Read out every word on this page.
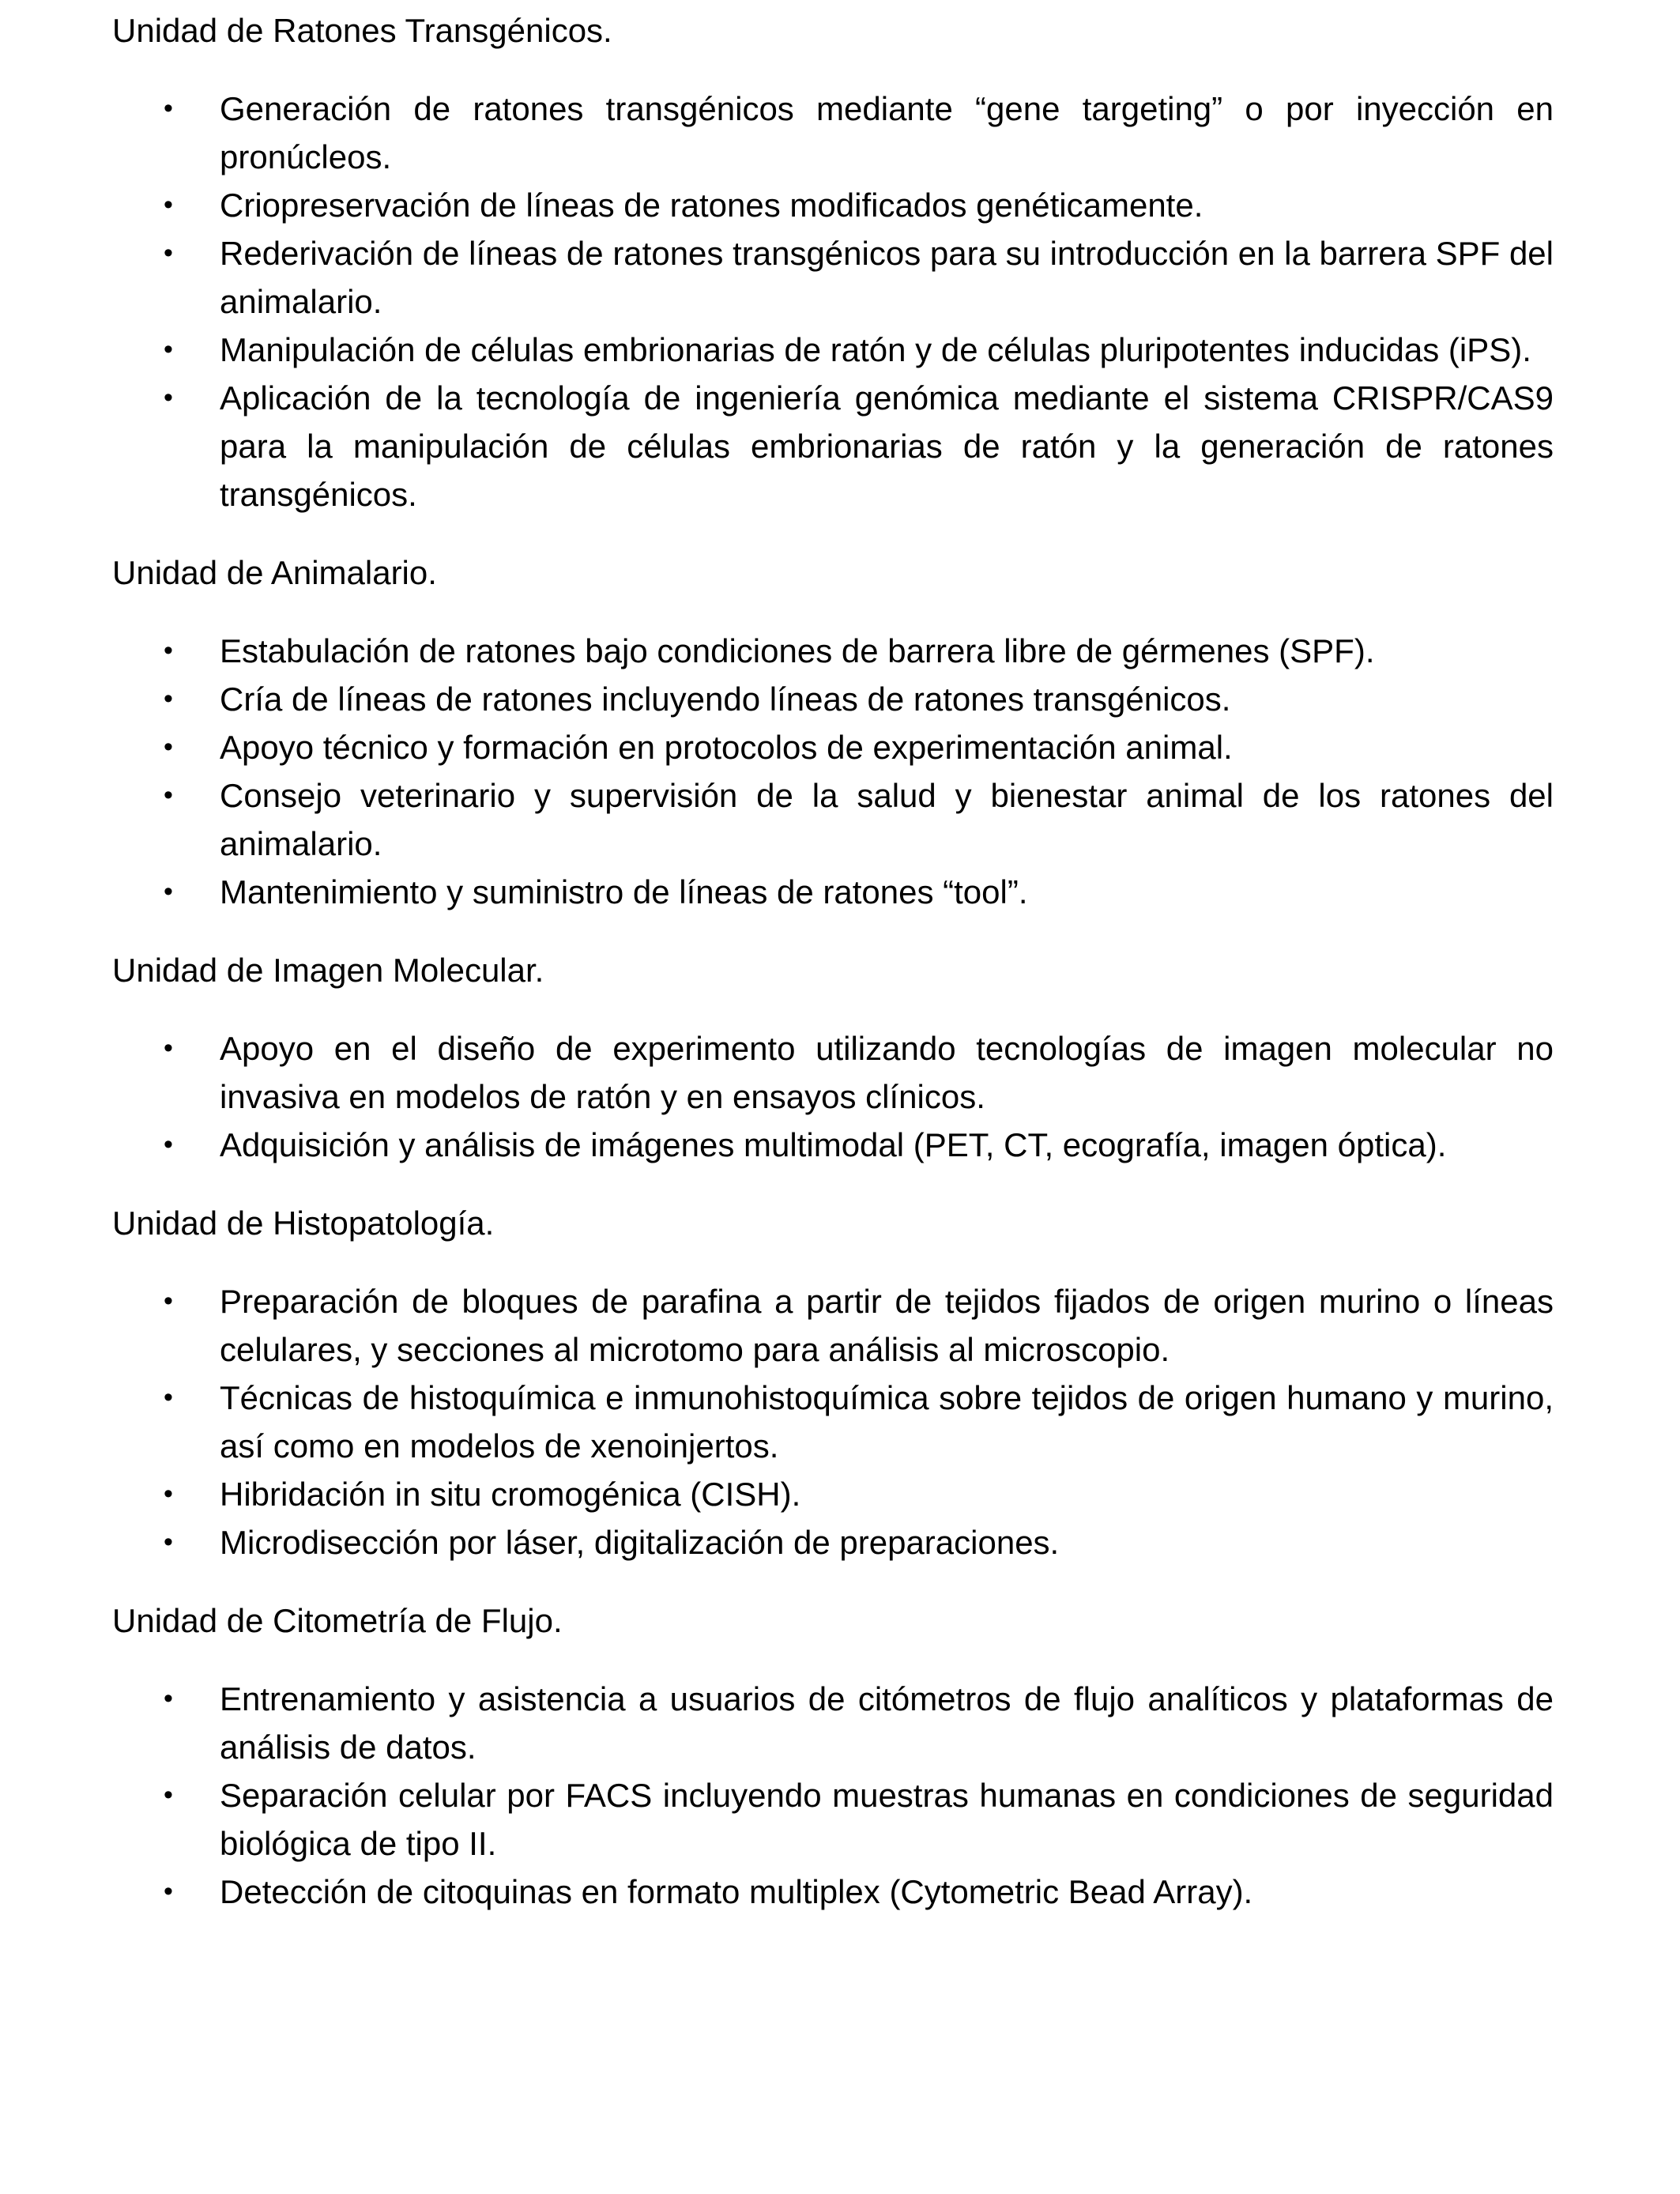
Unidad de Ratones Transgénicos.

• Generación de ratones transgénicos mediante “gene targeting” o por inyección en pronúcleos.
• Criopreservación de líneas de ratones modificados genéticamente.
• Rederivación de líneas de ratones transgénicos para su introducción en la barrera SPF del animalario.
• Manipulación de células embrionarias de ratón y de células pluripotentes inducidas (iPS).
• Aplicación de la tecnología de ingeniería genómica mediante el sistema CRISPR/CAS9 para la manipulación de células embrionarias de ratón y la generación de ratones transgénicos.

Unidad de Animalario.

• Estabulación de ratones bajo condiciones de barrera libre de gérmenes (SPF).
• Cría de líneas de ratones incluyendo líneas de ratones transgénicos.
• Apoyo técnico y formación en protocolos de experimentación animal.
• Consejo veterinario y supervisión de la salud y bienestar animal de los ratones del animalario.
• Mantenimiento y suministro de líneas de ratones “tool”.

Unidad de Imagen Molecular.

• Apoyo en el diseño de experimento utilizando tecnologías de imagen molecular no invasiva en modelos de ratón y en ensayos clínicos.
• Adquisición y análisis de imágenes multimodal (PET, CT, ecografía, imagen óptica).

Unidad de Histopatología.

• Preparación de bloques de parafina a partir de tejidos fijados de origen murino o líneas celulares, y secciones al microtomo para análisis al microscopio.
• Técnicas de histoquímica e inmunohistoquímica sobre tejidos de origen humano y murino, así como en modelos de xenoinjertos.
• Hibridación in situ cromogénica (CISH).
• Microdisección por láser, digitalización de preparaciones.

Unidad de Citometría de Flujo.

• Entrenamiento y asistencia a usuarios de citómetros de flujo analíticos y plataformas de análisis de datos.
• Separación celular por FACS incluyendo muestras humanas en condiciones de seguridad biológica de tipo II.
• Detección de citoquinas en formato multiplex (Cytometric Bead Array).
